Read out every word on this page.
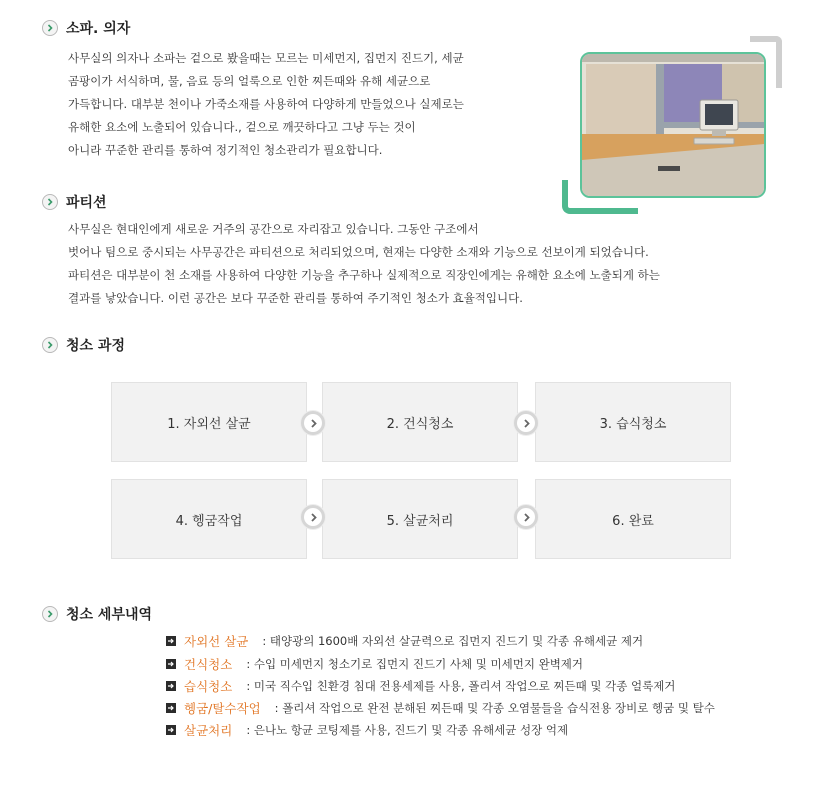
소파. 의자
사무실의 의자나 소파는 겉으로 봤을때는 모르는 미세먼지, 집먼지 진드기, 세균
곰팡이가 서식하며, 물, 음료 등의 얼룩으로 인한 찌든때와 유해 세균으로
가득합니다. 대부분 천이나 가죽소재를 사용하여 다양하게 만들었으나 실제로는
유해한 요소에 노출되어 있습니다., 겉으로 깨끗하다고 그냥 두는 것이
아니라 꾸준한 관리를 통하여 정기적인 청소관리가 필요합니다.
파티션
사무실은 현대인에게 새로운 거주의 공간으로 자리잡고 있습니다. 그동안 구조에서
벗어나 팀으로 중시되는 사무공간은 파티션으로 처리되었으며, 현재는 다양한 소재와 기능으로 선보이게 되었습니다.
파티션은 대부분이 천 소재를 사용하여 다양한 기능을 추구하나 실제적으로 직장인에게는 유해한 요소에 노출되게 하는
결과를 낳았습니다. 이런 공간은 보다 꾸준한 관리를 통하여 주기적인 청소가 효율적입니다.
청소 과정
1. 자외선 살균	2. 건식청소	3. 습식청소
4. 헹굼작업	5. 살균처리	6. 완료
청소 세부내역
자외선 살균 : 태양광의 1600배 자외선 살균력으로 집먼지 진드기 및 각종 유해세균 제거
건식청소 : 수입 미세먼지 청소기로 집먼지 진드기 사체 및 미세먼지 완벽제거
습식청소 : 미국 직수입 친환경 침대 전용세제를 사용, 폴리셔 작업으로 찌든때 및 각종 얼룩제거
헹굼/탈수작업 : 폴리셔 작업으로 완전 분해된 찌든때 및 각종 오염물들을 습식전용 장비로 헹굼 및 탈수
살균처리 : 은나노 항균 코팅제를 사용, 진드기 및 각종 유해세균 성장 억제
